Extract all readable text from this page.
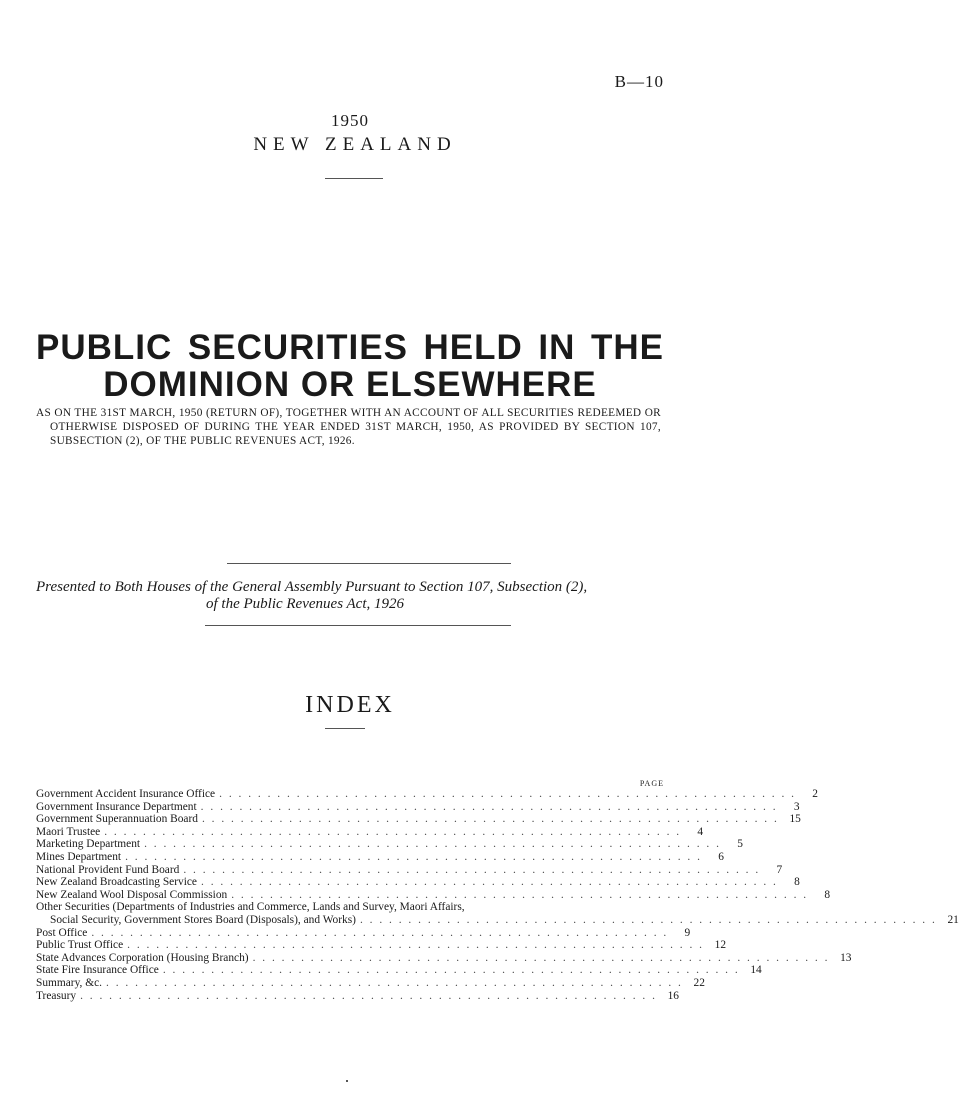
B—10
1950
NEW ZEALAND
PUBLIC SECURITIES HELD IN THE
DOMINION OR ELSEWHERE
AS ON THE 31ST MARCH, 1950 (RETURN OF), TOGETHER WITH AN ACCOUNT OF ALL SECURITIES REDEEMED OR OTHERWISE DISPOSED OF DURING THE YEAR ENDED 31ST MARCH, 1950, AS PROVIDED BY SECTION 107, SUBSECTION (2), OF THE PUBLIC REVENUES ACT, 1926.
Presented to Both Houses of the General Assembly Pursuant to Section 107, Subsection (2),
of the Public Revenues Act, 1926
INDEX
PAGE
Government Accident Insurance Office . . . . . . . . . . . . . . . . . . . . . . . . . . . . . . . . . . . . . . . . . . . . . . . . . . . . . . . . . . . .	2
Government Insurance Department . . . . . . . . . . . . . . . . . . . . . . . . . . . . . . . . . . . . . . . . . . . . . . . . . . . . . . . . . . . .	3
Government Superannuation Board . . . . . . . . . . . . . . . . . . . . . . . . . . . . . . . . . . . . . . . . . . . . . . . . . . . . . . . . . . . . 15
Maori Trustee . . . . . . . . . . . . . . . . . . . . . . . . . . . . . . . . . . . . . . . . . . . . . . . . . . . . . . . . . . . .	4
Marketing Department . . . . . . . . . . . . . . . . . . . . . . . . . . . . . . . . . . . . . . . . . . . . . . . . . . . . . . . . . . . .	5
Mines Department . . . . . . . . . . . . . . . . . . . . . . . . . . . . . . . . . . . . . . . . . . . . . . . . . . . . . . . . . . . .	6
National Provident Fund Board . . . . . . . . . . . . . . . . . . . . . . . . . . . . . . . . . . . . . . . . . . . . . . . . . . . . . . . . . . . .	7
New Zealand Broadcasting Service . . . . . . . . . . . . . . . . . . . . . . . . . . . . . . . . . . . . . . . . . . . . . . . . . . . . . . . . . . . .	8
New Zealand Wool Disposal Commission . . . . . . . . . . . . . . . . . . . . . . . . . . . . . . . . . . . . . . . . . . . . . . . . . . . . . . . . . . . .	8
Other Securities (Departments of Industries and Commerce, Lands and Survey, Maori Affairs,
Social Security, Government Stores Board (Disposals), and Works) . . . . . . . . . . . . . . . . . . . . . . . . . . . . . . . . . . . . . . . . . . . . . . . . . . . . . . . . . . . . 21
Post Office . . . . . . . . . . . . . . . . . . . . . . . . . . . . . . . . . . . . . . . . . . . . . . . . . . . . . . . . . . . .	9
Public Trust Office . . . . . . . . . . . . . . . . . . . . . . . . . . . . . . . . . . . . . . . . . . . . . . . . . . . . . . . . . . . . 12
State Advances Corporation (Housing Branch) . . . . . . . . . . . . . . . . . . . . . . . . . . . . . . . . . . . . . . . . . . . . . . . . . . . . . . . . . . . . 13
State Fire Insurance Office . . . . . . . . . . . . . . . . . . . . . . . . . . . . . . . . . . . . . . . . . . . . . . . . . . . . . . . . . . . . 14
Summary, &c. . . . . . . . . . . . . . . . . . . . . . . . . . . . . . . . . . . . . . . . . . . . . . . . . . . . . . . . . . . . . 22
Treasury . . . . . . . . . . . . . . . . . . . . . . . . . . . . . . . . . . . . . . . . . . . . . . . . . . . . . . . . . . . . 16
